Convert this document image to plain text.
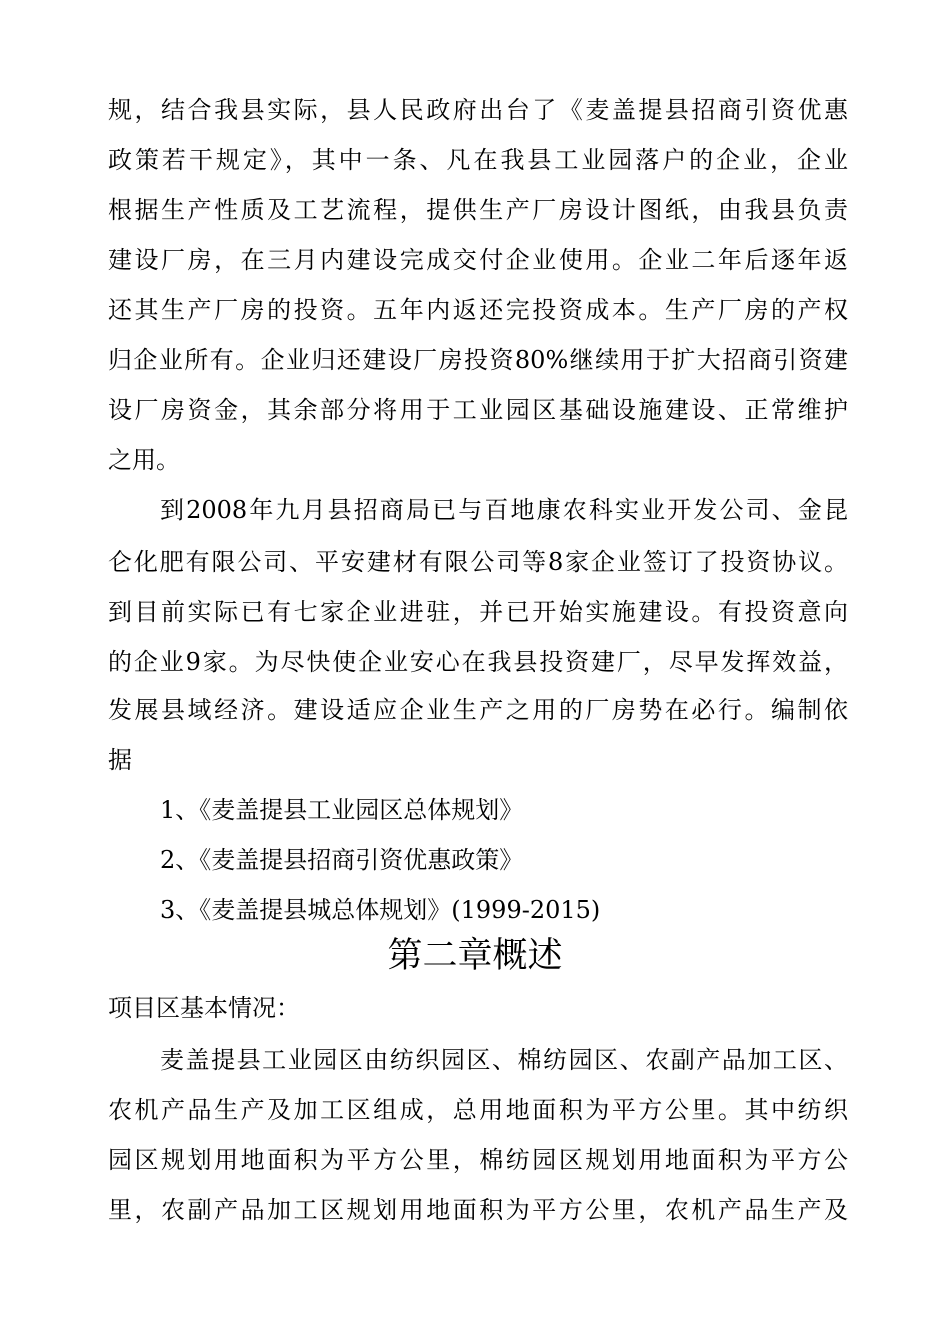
规，结合我县实际，县人民政府出台了《麦盖提县招商引资优惠
政策若干规定》，其中一条、凡在我县工业园落户的企业，企业
根据生产性质及工艺流程，提供生产厂房设计图纸，由我县负责
建设厂房，在三月内建设完成交付企业使用。企业二年后逐年返
还其生产厂房的投资。五年内返还完投资成本。生产厂房的产权
归企业所有。企业归还建设厂房投资80%继续用于扩大招商引资建
设厂房资金，其余部分将用于工业园区基础设施建设、正常维护
之用。
到2008年九月县招商局已与百地康农科实业开发公司、金昆
仑化肥有限公司、平安建材有限公司等8家企业签订了投资协议。
到目前实际已有七家企业进驻，并已开始实施建设。有投资意向
的企业9家。为尽快使企业安心在我县投资建厂，尽早发挥效益，
发展县域经济。建设适应企业生产之用的厂房势在必行。编制依
据
1、《麦盖提县工业园区总体规划》
2、《麦盖提县招商引资优惠政策》
3、《麦盖提县城总体规划》(1999-2015)
第二章概述
项目区基本情况：
麦盖提县工业园区由纺织园区、棉纺园区、农副产品加工区、
农机产品生产及加工区组成，总用地面积为平方公里。其中纺织
园区规划用地面积为平方公里，棉纺园区规划用地面积为平方公
里，农副产品加工区规划用地面积为平方公里，农机产品生产及
